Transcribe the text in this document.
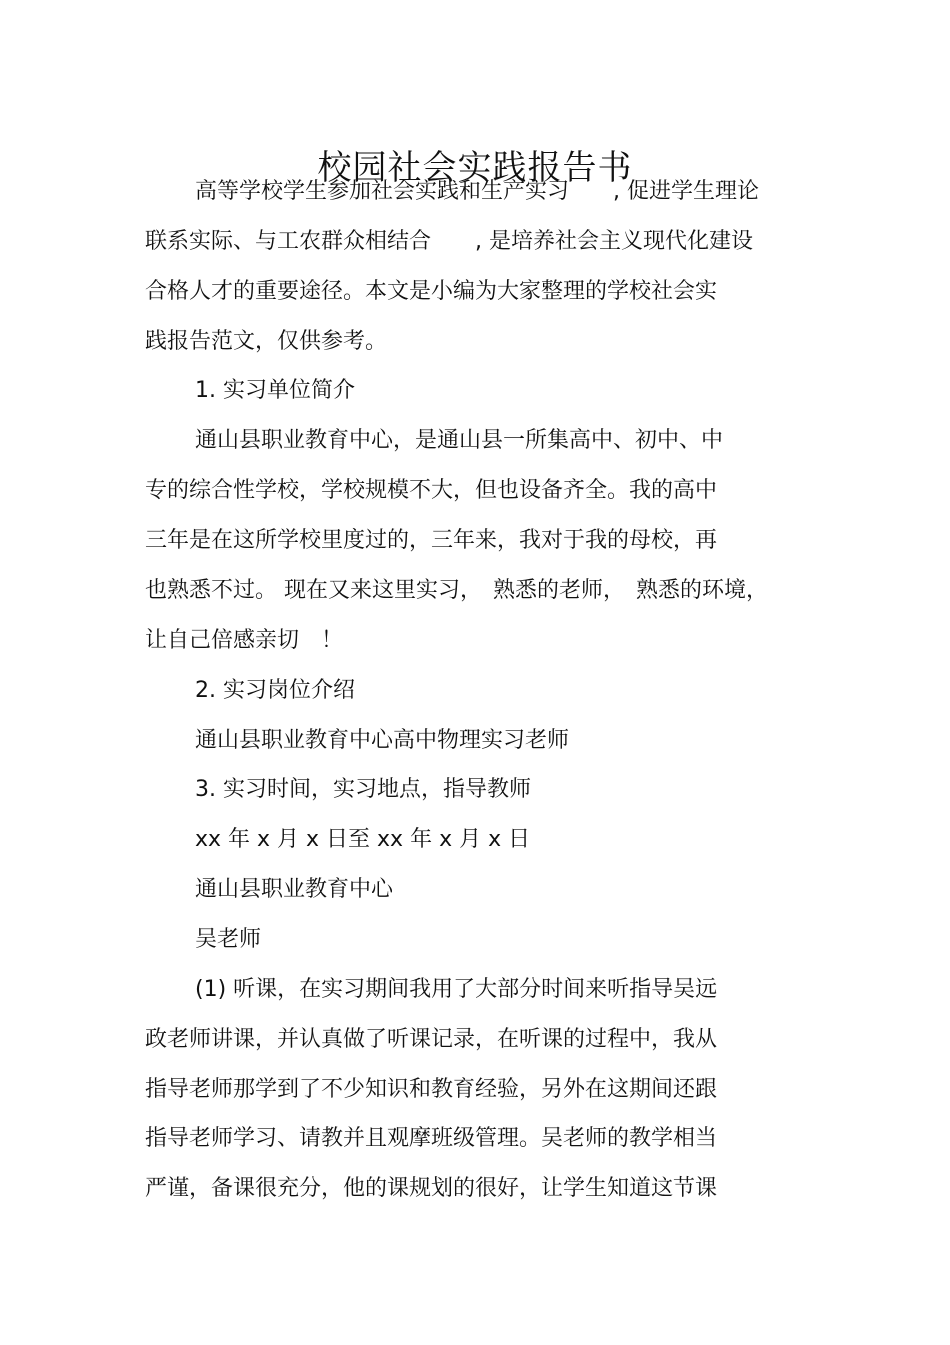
校园社会实践报告书
高等学校学生参加社会实践和生产实习　　, 促进学生理论
联系实际、与工农群众相结合　　, 是培养社会主义现代化建设
合格人才的重要途径。本文是小编为大家整理的学校社会实
践报告范文，仅供参考。
1. 实习单位简介
通山县职业教育中心，是通山县一所集高中、初中、中
专的综合性学校，学校规模不大，但也设备齐全。我的高中
三年是在这所学校里度过的，三年来，我对于我的母校，再
也熟悉不过。 现在又来这里实习，　熟悉的老师，　熟悉的环境，
让自己倍感亲切　！
2. 实习岗位介绍
通山县职业教育中心高中物理实习老师
3. 实习时间，实习地点，指导教师
xx 年 x 月 x 日至 xx 年 x 月 x 日
通山县职业教育中心
吴老师
(1) 听课，在实习期间我用了大部分时间来听指导吴远
政老师讲课，并认真做了听课记录，在听课的过程中，我从
指导老师那学到了不少知识和教育经验，另外在这期间还跟
指导老师学习、请教并且观摩班级管理。吴老师的教学相当
严谨，备课很充分，他的课规划的很好，让学生知道这节课
